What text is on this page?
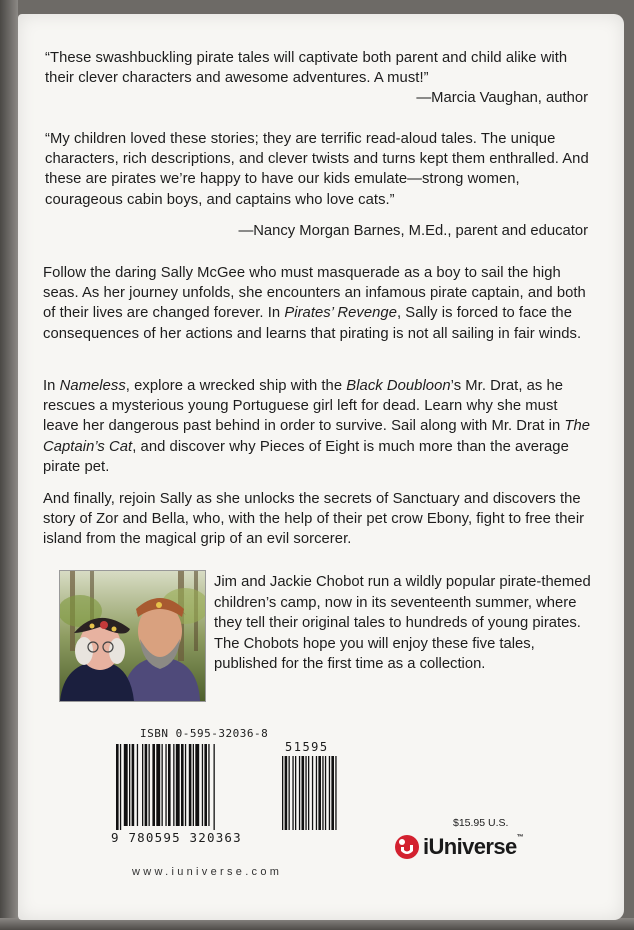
“These swashbuckling pirate tales will captivate both parent and child alike with their clever characters and awesome adventures. A must!”

—Marcia Vaughan, author

“My children loved these stories; they are terrific read-aloud tales. The unique characters, rich descriptions, and clever twists and turns kept them enthralled. And these are pirates we’re happy to have our kids emulate—strong women, courageous cabin boys, and captains who love cats.”

—Nancy Morgan Barnes, M.Ed., parent and educator

Follow the daring Sally McGee who must masquerade as a boy to sail the high seas. As her journey unfolds, she encounters an infamous pirate captain, and both of their lives are changed forever. In Pirates’ Revenge, Sally is forced to face the consequences of her actions and learns that pirating is not all sailing in fair winds.

In Nameless, explore a wrecked ship with the Black Doubloon’s Mr. Drat, as he rescues a mysterious young Portuguese girl left for dead. Learn why she must leave her dangerous past behind in order to survive. Sail along with Mr. Drat in The Captain’s Cat, and discover why Pieces of Eight is much more than the average pirate pet.

And finally, rejoin Sally as she unlocks the secrets of Sanctuary and discovers the story of Zor and Bella, who, with the help of their pet crow Ebony, fight to free their island from the magical grip of an evil sorcerer.

Jim and Jackie Chobot run a wildly popular pirate-themed children’s camp, now in its seventeenth summer, where they tell their original tales to hundreds of young pirates. The Chobots hope you will enjoy these five tales, published for the first time as a collection.

ISBN 0-595-32036-8

51595

9 780595 320363

$15.95 U.S.

iUniverse™

www.iuniverse.com
